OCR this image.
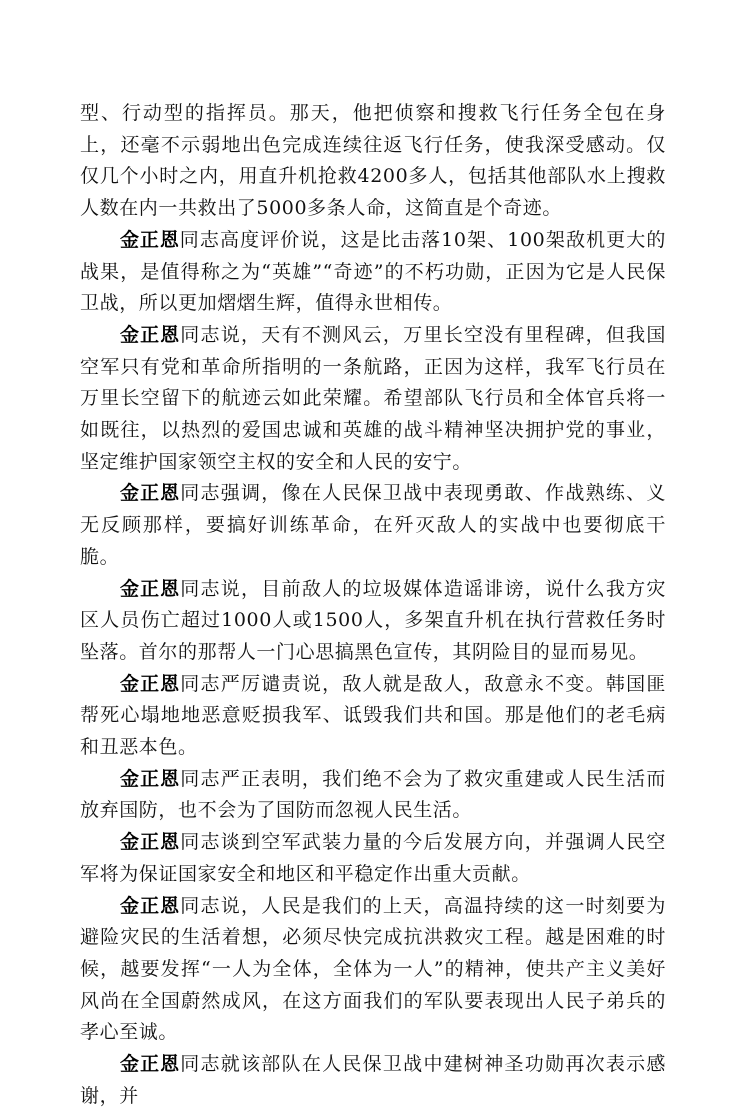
型、行动型的指挥员。那天，他把侦察和搜救飞行任务全包在身上，还毫不示弱地出色完成连续往返飞行任务，使我深受感动。仅仅几个小时之内，用直升机抢救4200多人，包括其他部队水上搜救人数在内一共救出了5000多条人命，这简直是个奇迹。

金正恩同志高度评价说，这是比击落10架、100架敌机更大的战果，是值得称之为“英雄”“奇迹”的不朽功勋，正因为它是人民保卫战，所以更加熠熠生辉，值得永世相传。

金正恩同志说，天有不测风云，万里长空没有里程碑，但我国空军只有党和革命所指明的一条航路，正因为这样，我军飞行员在万里长空留下的航迹云如此荣耀。希望部队飞行员和全体官兵将一如既往，以热烈的爱国忠诚和英雄的战斗精神坚决拥护党的事业，坚定维护国家领空主权的安全和人民的安宁。

金正恩同志强调，像在人民保卫战中表现勇敢、作战熟练、义无反顾那样，要搞好训练革命，在歼灭敌人的实战中也要彻底干脆。

金正恩同志说，目前敌人的垃圾媒体造谣诽谤，说什么我方灾区人员伤亡超过1000人或1500人，多架直升机在执行营救任务时坠落。首尔的那帮人一门心思搞黑色宣传，其阴险目的显而易见。

金正恩同志严厉谴责说，敌人就是敌人，敌意永不变。韩国匪帮死心塌地地恶意贬损我军、诋毁我们共和国。那是他们的老毛病和丑恶本色。

金正恩同志严正表明，我们绝不会为了救灾重建或人民生活而放弃国防，也不会为了国防而忽视人民生活。

金正恩同志谈到空军武装力量的今后发展方向，并强调人民空军将为保证国家安全和地区和平稳定作出重大贡献。

金正恩同志说，人民是我们的上天，高温持续的这一时刻要为避险灾民的生活着想，必须尽快完成抗洪救灾工程。越是困难的时候，越要发挥“一人为全体，全体为一人”的精神，使共产主义美好风尚在全国蔚然成风，在这方面我们的军队要表现出人民子弟兵的孝心至诚。

金正恩同志就该部队在人民保卫战中建树神圣功勋再次表示感谢，并
